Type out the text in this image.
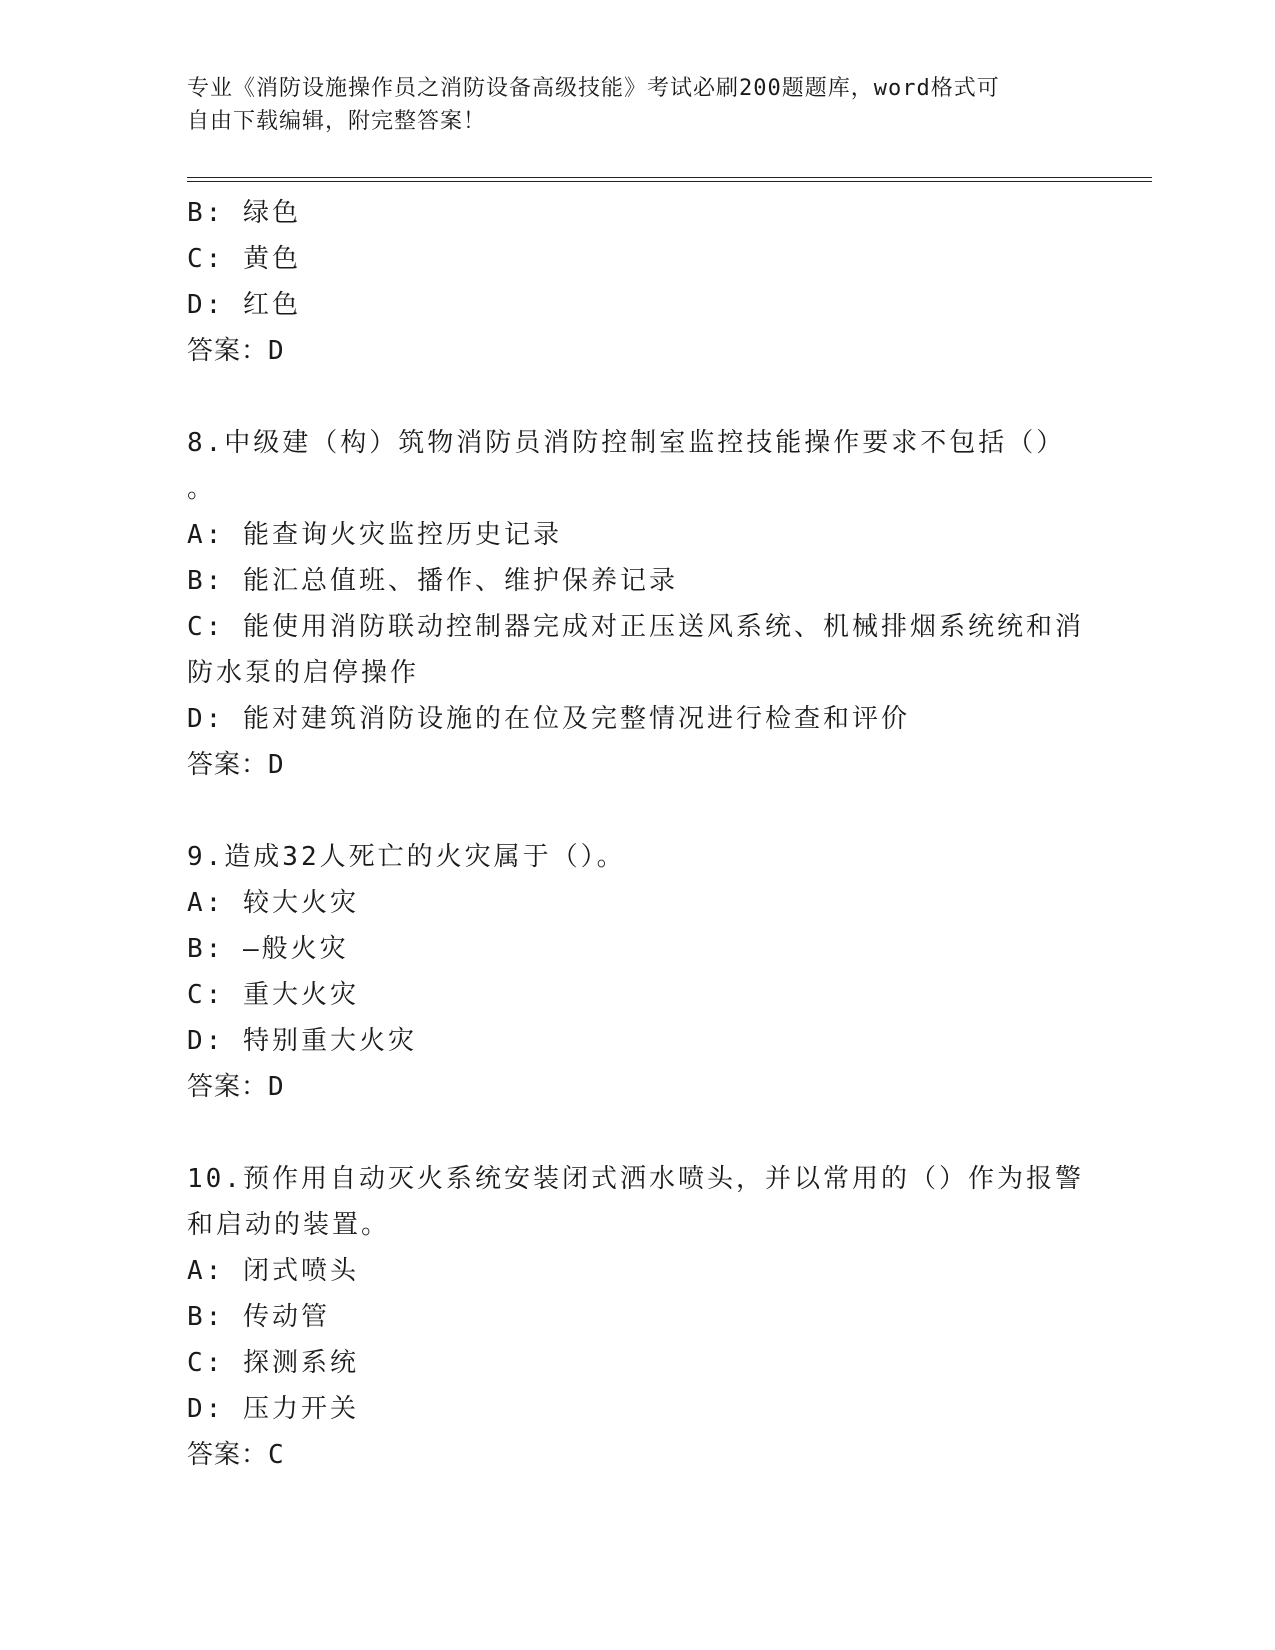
专业《消防设施操作员之消防设备高级技能》考试必刷200题题库，word格式可
自由下载编辑，附完整答案！

B: 绿色

C: 黄色

D: 红色

答案：D

8.中级建（构）筑物消防员消防控制室监控技能操作要求不包括（）

。

A: 能查询火灾监控历史记录

B: 能汇总值班、播作、维护保养记录

C: 能使用消防联动控制器完成对正压送风系统、机械排烟系统统和消

防水泵的启停操作

D: 能对建筑消防设施的在位及完整情况进行检查和评价

答案：D

9.造成32人死亡的火灾属于（）。

A: 较大火灾

B: —般火灾

C: 重大火灾

D: 特别重大火灾

答案：D

10.预作用自动灭火系统安装闭式洒水喷头，并以常用的（）作为报警

和启动的装置。

A: 闭式喷头

B: 传动管

C: 探测系统

D: 压力开关

答案：C
